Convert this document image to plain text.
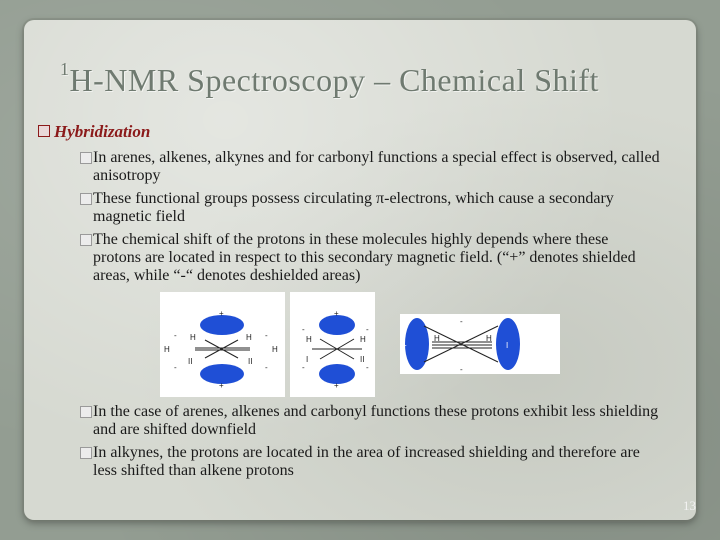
$^1$H-NMR Spectroscopy – Chemical Shift
Hybridization
In arenes, alkenes, alkynes and for carbonyl functions a special effect is observed, called anisotropy
These functional groups possess circulating π-electrons, which cause a secondary magnetic field
The chemical shift of the protons in these molecules highly depends where these protons are located in respect to this secondary magnetic field. (“+” denotes shielded areas, while “-“ denotes deshielded areas)
+
+
-	-
-	-
H	H
H	H
II	II
+
+
-	-
-	-
H	H
I	II
+	I
-
-
H	H
In the case of arenes, alkenes and carbonyl functions these protons exhibit less shielding and are shifted downfield
In alkynes, the protons are located in the area of increased shielding and therefore are less shifted than alkene protons
13
